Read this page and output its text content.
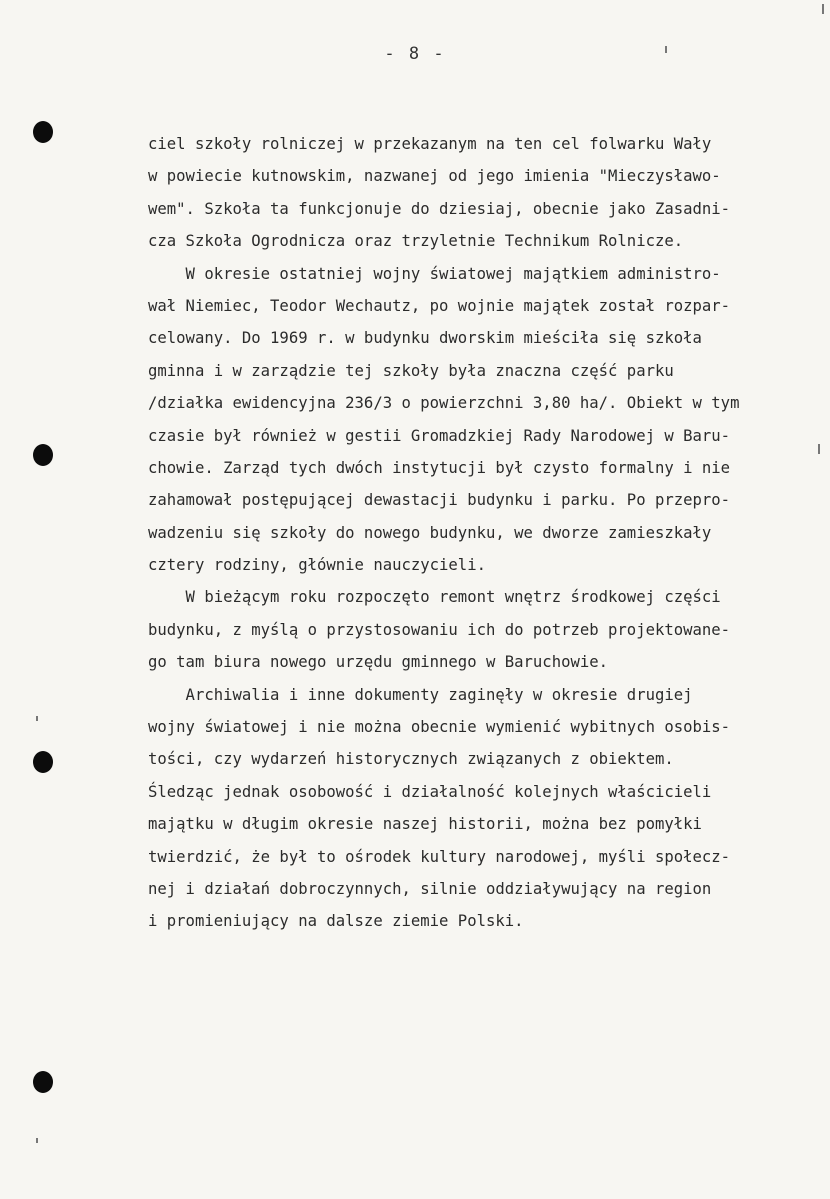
- 8 -
ciel szkoły rolniczej w przekazanym na ten cel folwarku Wały
w powiecie kutnowskim, nazwanej od jego imienia "Mieczysławo-
wem". Szkoła ta funkcjonuje do dziesiaj, obecnie jako Zasadni-
cza Szkoła Ogrodnicza oraz trzyletnie Technikum Rolnicze.
W okresie ostatniej wojny światowej majątkiem administro-
wał Niemiec, Teodor Wechautz, po wojnie majątek został rozpar-
celowany. Do 1969 r. w budynku dworskim mieściła się szkoła
gminna i w zarządzie tej szkoły była znaczna część parku
/działka ewidencyjna 236/3 o powierzchni 3,80 ha/. Obiekt w tym
czasie był również w gestii Gromadzkiej Rady Narodowej w Baru-
chowie. Zarząd tych dwóch instytucji był czysto formalny i nie
zahamował postępującej dewastacji budynku i parku. Po przepro-
wadzeniu się szkoły do nowego budynku, we dworze zamieszkały
cztery rodziny, głównie nauczycieli.
W bieżącym roku rozpoczęto remont wnętrz środkowej części
budynku, z myślą o przystosowaniu ich do potrzeb projektowane-
go tam biura nowego urzędu gminnego w Baruchowie.
Archiwalia i inne dokumenty zaginęły w okresie drugiej
wojny światowej i nie można obecnie wymienić wybitnych osobis-
tości, czy wydarzeń historycznych związanych z obiektem.
Śledząc jednak osobowość i działalność kolejnych właścicieli
majątku w długim okresie naszej historii, można bez pomyłki
twierdzić, że był to ośrodek kultury narodowej, myśli społecz-
nej i działań dobroczynnych, silnie oddziaływujący na region
i promieniujący na dalsze ziemie Polski.
